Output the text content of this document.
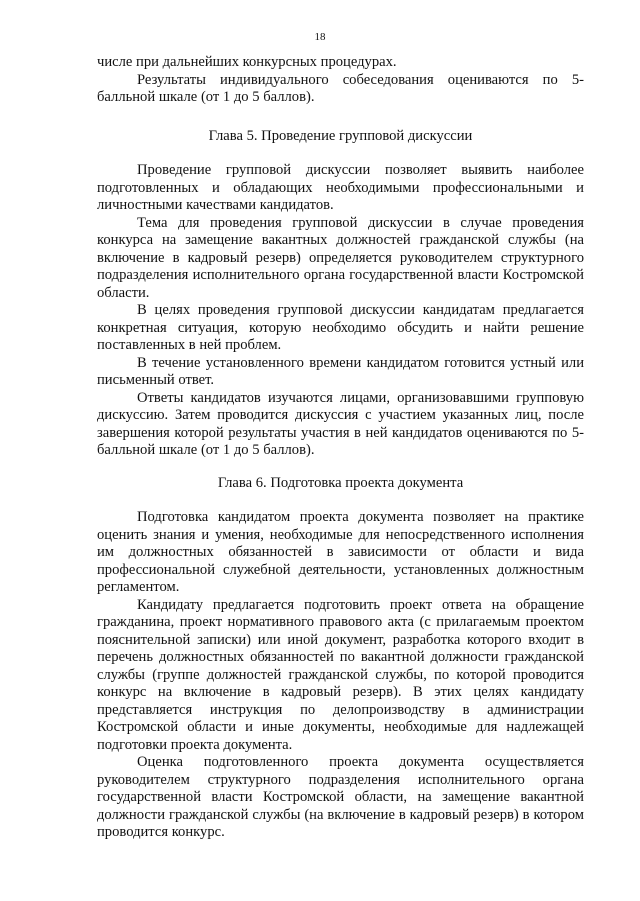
18

числе при дальнейших конкурсных процедурах.

Результаты индивидуального собеседования оцениваются по 5-балльной шкале (от 1 до 5 баллов).

Глава 5. Проведение групповой дискуссии

Проведение групповой дискуссии позволяет выявить наиболее подготовленных и обладающих необходимыми профессиональными и личностными качествами кандидатов.

Тема для проведения групповой дискуссии в случае проведения конкурса на замещение вакантных должностей гражданской службы (на включение в кадровый резерв) определяется руководителем структурного подразделения исполнительного органа государственной власти Костромской области.

В целях проведения групповой дискуссии кандидатам предлагается конкретная ситуация, которую необходимо обсудить и найти решение поставленных в ней проблем.

В течение установленного времени кандидатом готовится устный или письменный ответ.

Ответы кандидатов изучаются лицами, организовавшими групповую дискуссию. Затем проводится дискуссия с участием указанных лиц, после завершения которой результаты участия в ней кандидатов оцениваются по 5-балльной шкале (от 1 до 5 баллов).

Глава 6. Подготовка проекта документа

Подготовка кандидатом проекта документа позволяет на практике оценить знания и умения, необходимые для непосредственного исполнения им должностных обязанностей в зависимости от области и вида профессиональной служебной деятельности, установленных должностным регламентом.

Кандидату предлагается подготовить проект ответа на обращение гражданина, проект нормативного правового акта (с прилагаемым проектом пояснительной записки) или иной документ, разработка которого входит в перечень должностных обязанностей по вакантной должности гражданской службы (группе должностей гражданской службы, по которой проводится конкурс на включение в кадровый резерв). В этих целях кандидату представляется инструкция по делопроизводству в администрации Костромской области и иные документы, необходимые для надлежащей подготовки проекта документа.

Оценка подготовленного проекта документа осуществляется руководителем структурного подразделения исполнительного органа государственной власти Костромской области, на замещение вакантной должности гражданской службы (на включение в кадровый резерв) в котором проводится конкурс.
